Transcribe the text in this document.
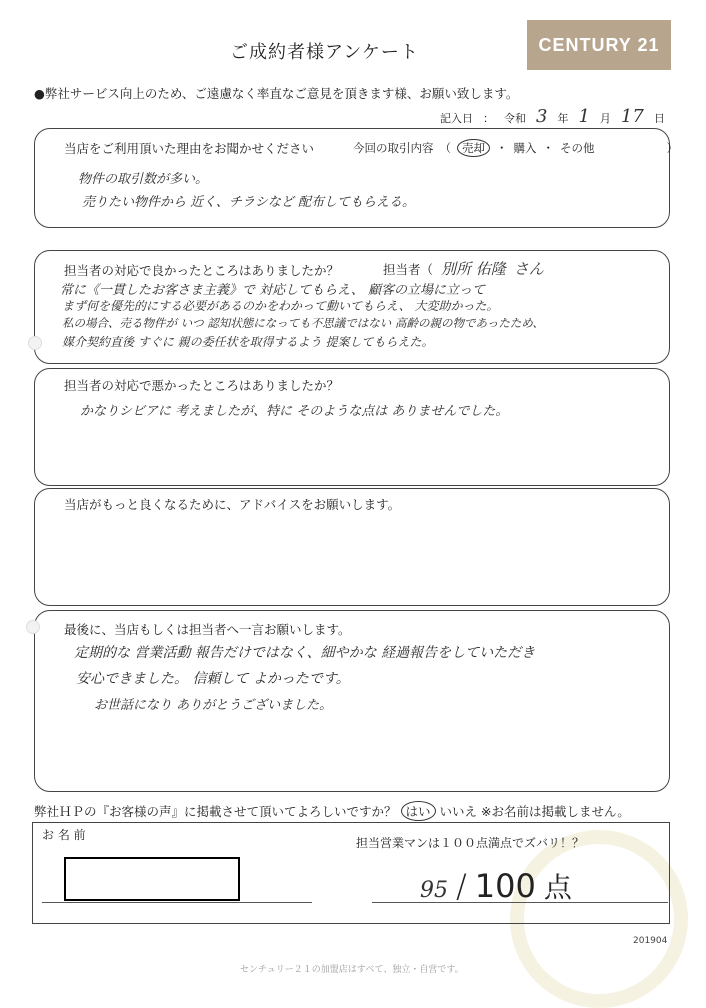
ご成約者様アンケート	CENTURY 21
●弊社サービス向上のため、ご遠慮なく率直なご意見を頂きます様、お願い致します。
記入日 ： 令和 3 年 1 月 17 日
当店をご利用頂いた理由をお聞かせください	今回の取引内容 （ 売却 ・ 購入 ・ その他	）
物件の取引数が多い。
売りたい物件から 近く、チラシなど 配布してもらえる。
担当者の対応で良かったところはありましたか？	担当者（ 別所 佑隆 さん
常に《一貫したお客さま主義》で 対応してもらえ、 顧客の立場に立って
まず何を優先的にする必要があるのかをわかって動いてもらえ、 大変助かった。
私の場合、売る物件が いつ 認知状態になっても不思議ではない 高齢の親の物であったため、
媒介契約直後 すぐに 親の委任状を取得するよう 提案してもらえた。
担当者の対応で悪かったところはありましたか？
かなりシビアに 考えましたが、特に そのような点は ありませんでした。
当店がもっと良くなるために、アドバイスをお願いします。
最後に、当店もしくは担当者へ一言お願いします。
定期的な 営業活動 報告だけではなく、細やかな 経過報告をしていただき
安心できました。 信頼して よかったです。
お世話になり ありがとうございました。
弊社ＨＰの『お客様の声』に掲載させて頂いてよろしいですか？ はい いいえ ※お名前は掲載しません。
お 名 前
担当営業マンは１００点満点でズバリ！？
95 / 100 点
201904
センチュリー２１の加盟店はすべて、独立・自営です。
